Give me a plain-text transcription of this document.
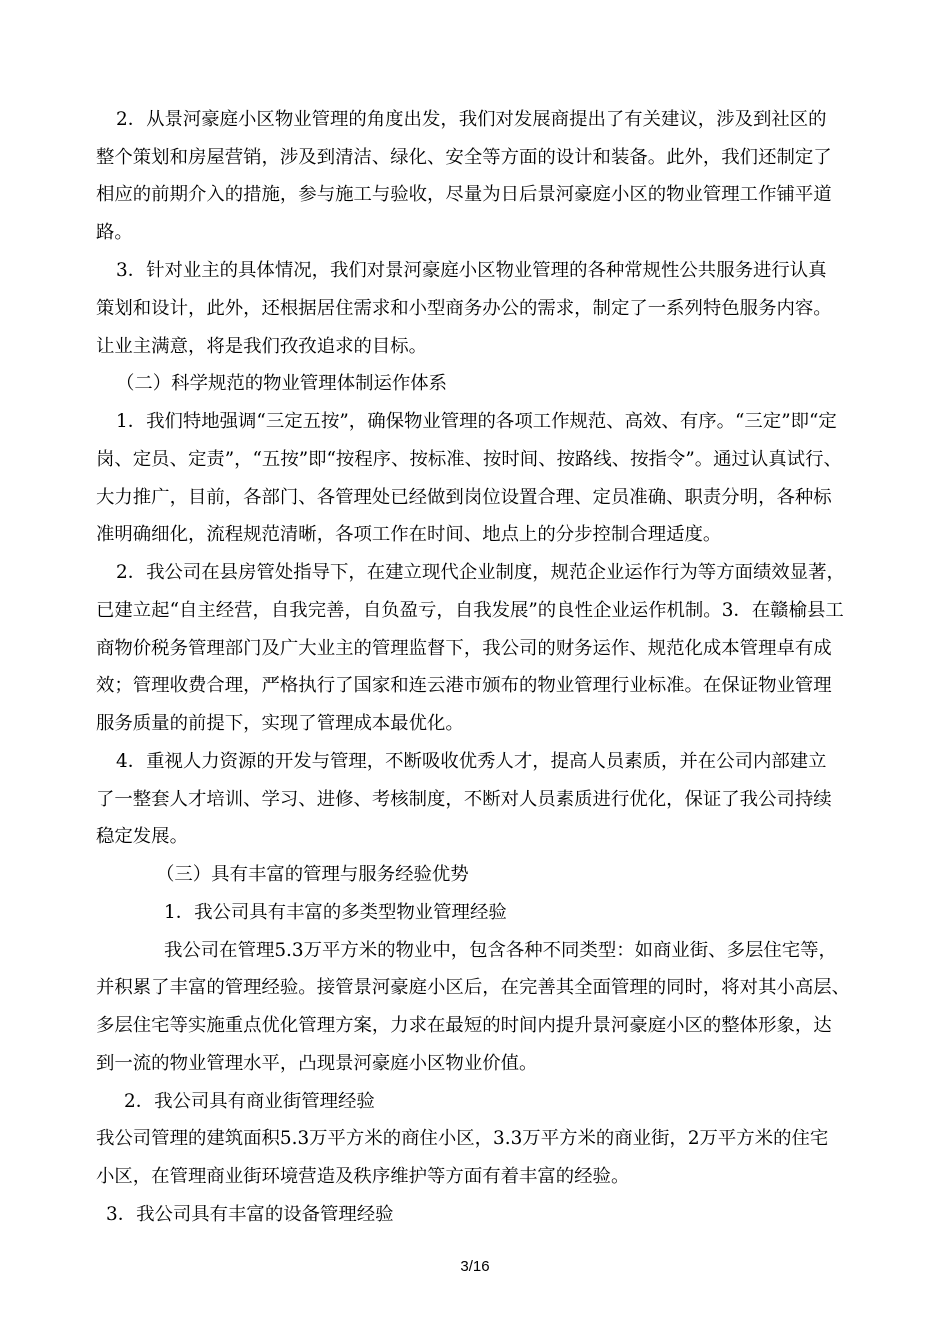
2．从景河豪庭小区物业管理的角度出发，我们对发展商提出了有关建议，涉及到社区的
整个策划和房屋营销，涉及到清洁、绿化、安全等方面的设计和装备。此外，我们还制定了
相应的前期介入的措施，参与施工与验收，尽量为日后景河豪庭小区的物业管理工作铺平道
路。
3．针对业主的具体情况，我们对景河豪庭小区物业管理的各种常规性公共服务进行认真
策划和设计，此外，还根据居住需求和小型商务办公的需求，制定了一系列特色服务内容。
让业主满意，将是我们孜孜追求的目标。
（二）科学规范的物业管理体制运作体系
1．我们特地强调“三定五按”，确保物业管理的各项工作规范、高效、有序。“三定”即“定
岗、定员、定责”，“五按”即“按程序、按标准、按时间、按路线、按指令”。通过认真试行、
大力推广，目前，各部门、各管理处已经做到岗位设置合理、定员准确、职责分明，各种标
准明确细化，流程规范清晰，各项工作在时间、地点上的分步控制合理适度。
2．我公司在县房管处指导下，在建立现代企业制度，规范企业运作行为等方面绩效显著，
已建立起“自主经营，自我完善，自负盈亏，自我发展”的良性企业运作机制。3．在赣榆县工
商物价税务管理部门及广大业主的管理监督下，我公司的财务运作、规范化成本管理卓有成
效；管理收费合理，严格执行了国家和连云港市颁布的物业管理行业标准。在保证物业管理
服务质量的前提下，实现了管理成本最优化。
4．重视人力资源的开发与管理，不断吸收优秀人才，提高人员素质，并在公司内部建立
了一整套人才培训、学习、进修、考核制度，不断对人员素质进行优化，保证了我公司持续
稳定发展。
（三）具有丰富的管理与服务经验优势
1．我公司具有丰富的多类型物业管理经验
我公司在管理5.3万平方米的物业中，包含各种不同类型：如商业街、多层住宅等，
并积累了丰富的管理经验。接管景河豪庭小区后，在完善其全面管理的同时，将对其小高层、
多层住宅等实施重点优化管理方案，力求在最短的时间内提升景河豪庭小区的整体形象，达
到一流的物业管理水平，凸现景河豪庭小区物业价值。
2．我公司具有商业街管理经验
我公司管理的建筑面积5.3万平方米的商住小区，3.3万平方米的商业街，2万平方米的住宅
小区，在管理商业街环境营造及秩序维护等方面有着丰富的经验。
3．我公司具有丰富的设备管理经验
3/16
